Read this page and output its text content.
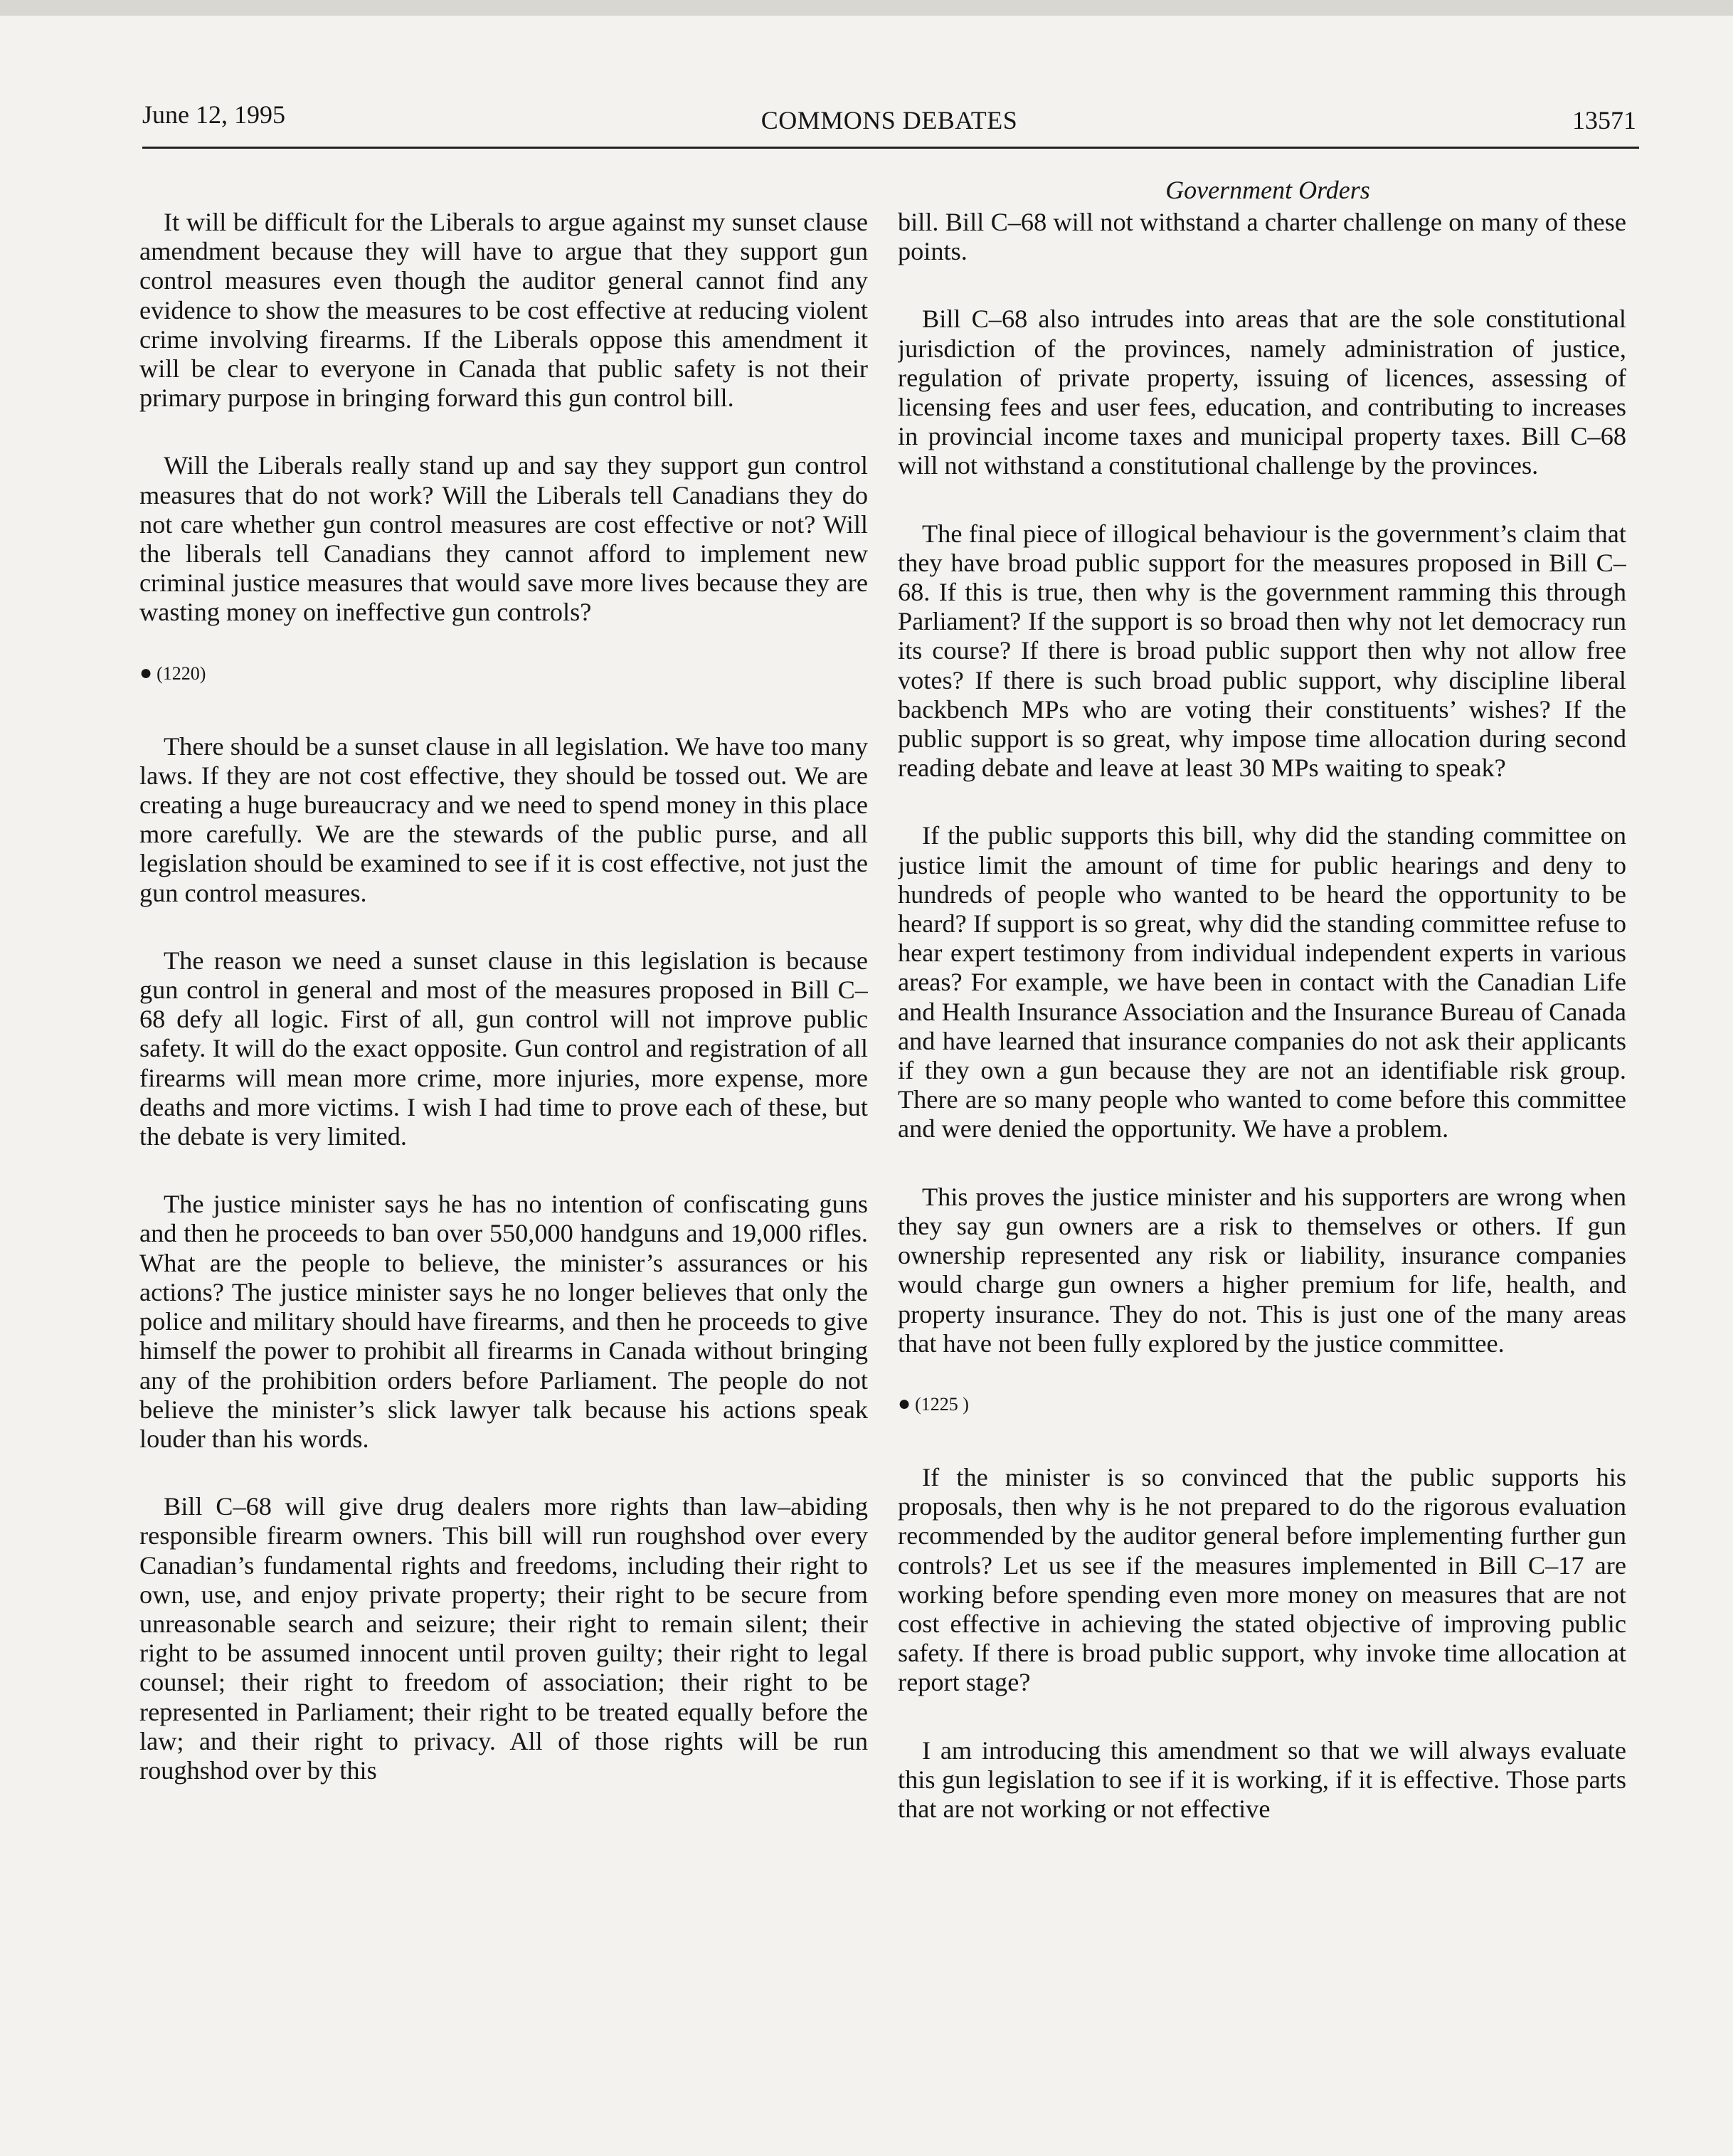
June 12, 1995	COMMONS DEBATES	13571
Government Orders

It will be difficult for the Liberals to argue against my sunset clause amendment because they will have to argue that they support gun control measures even though the auditor general cannot find any evidence to show the measures to be cost effective at reducing violent crime involving firearms. If the Liberals oppose this amendment it will be clear to everyone in Canada that public safety is not their primary purpose in bringing forward this gun control bill.

Will the Liberals really stand up and say they support gun control measures that do not work? Will the Liberals tell Canadians they do not care whether gun control measures are cost effective or not? Will the liberals tell Canadians they cannot afford to implement new criminal justice measures that would save more lives because they are wasting money on ineffective gun controls?

● (1220)

There should be a sunset clause in all legislation. We have too many laws. If they are not cost effective, they should be tossed out. We are creating a huge bureaucracy and we need to spend money in this place more carefully. We are the stewards of the public purse, and all legislation should be examined to see if it is cost effective, not just the gun control measures.

The reason we need a sunset clause in this legislation is because gun control in general and most of the measures proposed in Bill C–68 defy all logic. First of all, gun control will not improve public safety. It will do the exact opposite. Gun control and registration of all firearms will mean more crime, more injuries, more expense, more deaths and more victims. I wish I had time to prove each of these, but the debate is very limited.

The justice minister says he has no intention of confiscating guns and then he proceeds to ban over 550,000 handguns and 19,000 rifles. What are the people to believe, the minister’s assurances or his actions? The justice minister says he no longer believes that only the police and military should have firearms, and then he proceeds to give himself the power to prohibit all firearms in Canada without bringing any of the prohibition orders before Parliament. The people do not believe the minister’s slick lawyer talk because his actions speak louder than his words.

Bill C–68 will give drug dealers more rights than law–abiding responsible firearm owners. This bill will run roughshod over every Canadian’s fundamental rights and freedoms, including their right to own, use, and enjoy private property; their right to be secure from unreasonable search and seizure; their right to remain silent; their right to be assumed innocent until proven guilty; their right to legal counsel; their right to freedom of association; their right to be represented in Parliament; their right to be treated equally before the law; and their right to privacy. All of those rights will be run roughshod over by this

bill. Bill C–68 will not withstand a charter challenge on many of these points.

Bill C–68 also intrudes into areas that are the sole constitutional jurisdiction of the provinces, namely administration of justice, regulation of private property, issuing of licences, assessing of licensing fees and user fees, education, and contributing to increases in provincial income taxes and municipal property taxes. Bill C–68 will not withstand a constitutional challenge by the provinces.

The final piece of illogical behaviour is the government’s claim that they have broad public support for the measures proposed in Bill C–68. If this is true, then why is the government ramming this through Parliament? If the support is so broad then why not let democracy run its course? If there is broad public support then why not allow free votes? If there is such broad public support, why discipline liberal backbench MPs who are voting their constituents’ wishes? If the public support is so great, why impose time allocation during second reading debate and leave at least 30 MPs waiting to speak?

If the public supports this bill, why did the standing committee on justice limit the amount of time for public hearings and deny to hundreds of people who wanted to be heard the opportunity to be heard? If support is so great, why did the standing committee refuse to hear expert testimony from individual independent experts in various areas? For example, we have been in contact with the Canadian Life and Health Insurance Association and the Insurance Bureau of Canada and have learned that insurance companies do not ask their applicants if they own a gun because they are not an identifiable risk group. There are so many people who wanted to come before this committee and were denied the opportunity. We have a problem.

This proves the justice minister and his supporters are wrong when they say gun owners are a risk to themselves or others. If gun ownership represented any risk or liability, insurance companies would charge gun owners a higher premium for life, health, and property insurance. They do not. This is just one of the many areas that have not been fully explored by the justice committee.

● (1225 )

If the minister is so convinced that the public supports his proposals, then why is he not prepared to do the rigorous evaluation recommended by the auditor general before implementing further gun controls? Let us see if the measures implemented in Bill C–17 are working before spending even more money on measures that are not cost effective in achieving the stated objective of improving public safety. If there is broad public support, why invoke time allocation at report stage?

I am introducing this amendment so that we will always evaluate this gun legislation to see if it is working, if it is effective. Those parts that are not working or not effective
